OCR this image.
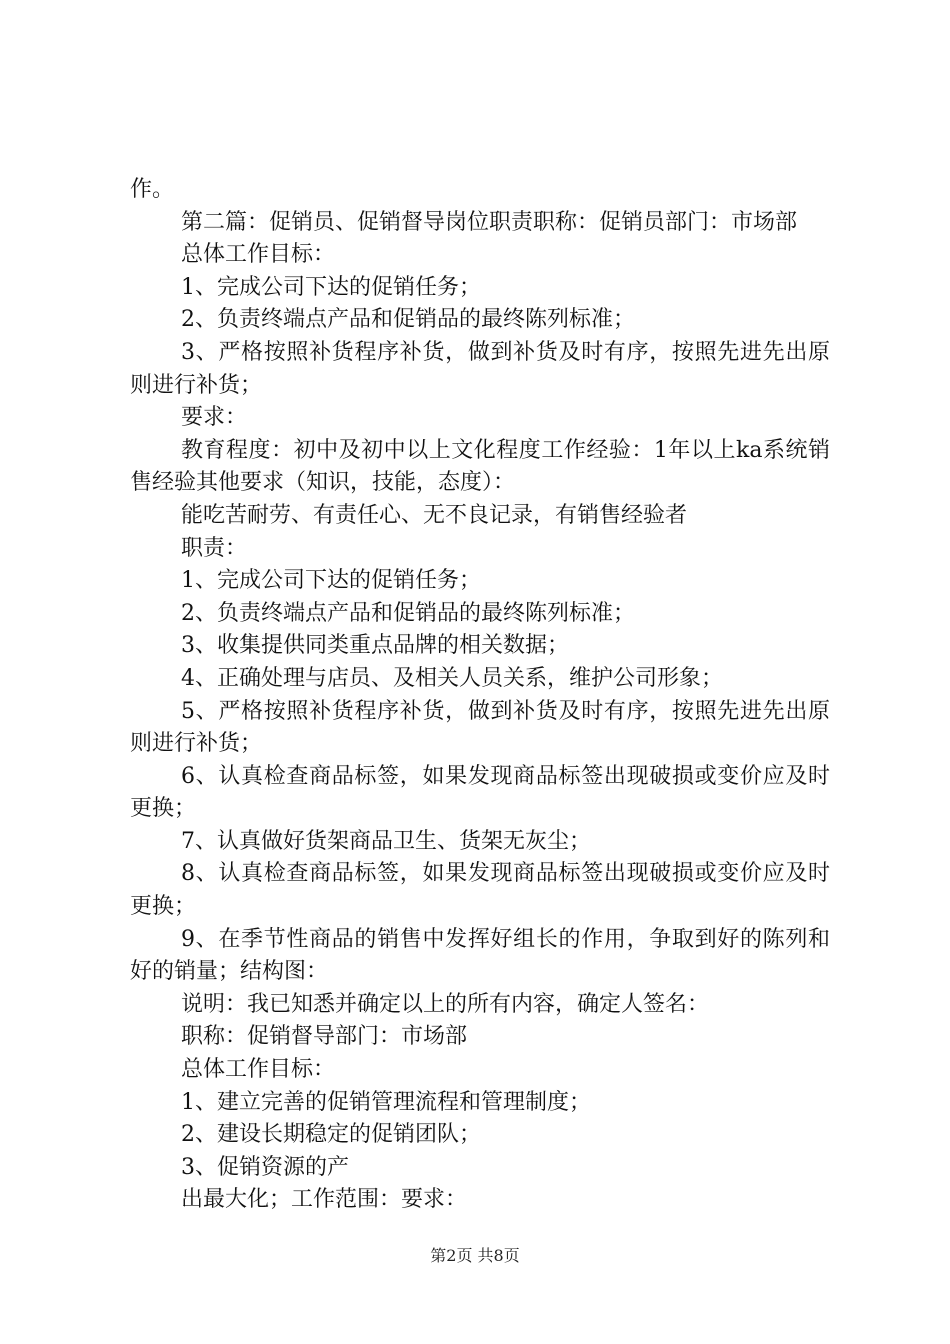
作。
第二篇：促销员、促销督导岗位职责职称：促销员部门：市场部
总体工作目标：
1、完成公司下达的促销任务；
2、负责终端点产品和促销品的最终陈列标准；
3、严格按照补货程序补货，做到补货及时有序，按照先进先出原则进行补货；
要求：
教育程度：初中及初中以上文化程度工作经验：1年以上ka系统销售经验其他要求（知识，技能，态度）：
能吃苦耐劳、有责任心、无不良记录，有销售经验者
职责：
1、完成公司下达的促销任务；
2、负责终端点产品和促销品的最终陈列标准；
3、收集提供同类重点品牌的相关数据；
4、正确处理与店员、及相关人员关系，维护公司形象；
5、严格按照补货程序补货，做到补货及时有序，按照先进先出原则进行补货；
6、认真检查商品标签，如果发现商品标签出现破损或变价应及时更换；
7、认真做好货架商品卫生、货架无灰尘；
8、认真检查商品标签，如果发现商品标签出现破损或变价应及时更换；
9、在季节性商品的销售中发挥好组长的作用，争取到好的陈列和好的销量；结构图：
说明：我已知悉并确定以上的所有内容，确定人签名：
职称：促销督导部门：市场部
总体工作目标：
1、建立完善的促销管理流程和管理制度；
2、建设长期稳定的促销团队；
3、促销资源的产
出最大化；工作范围：要求：
第2页 共8页
